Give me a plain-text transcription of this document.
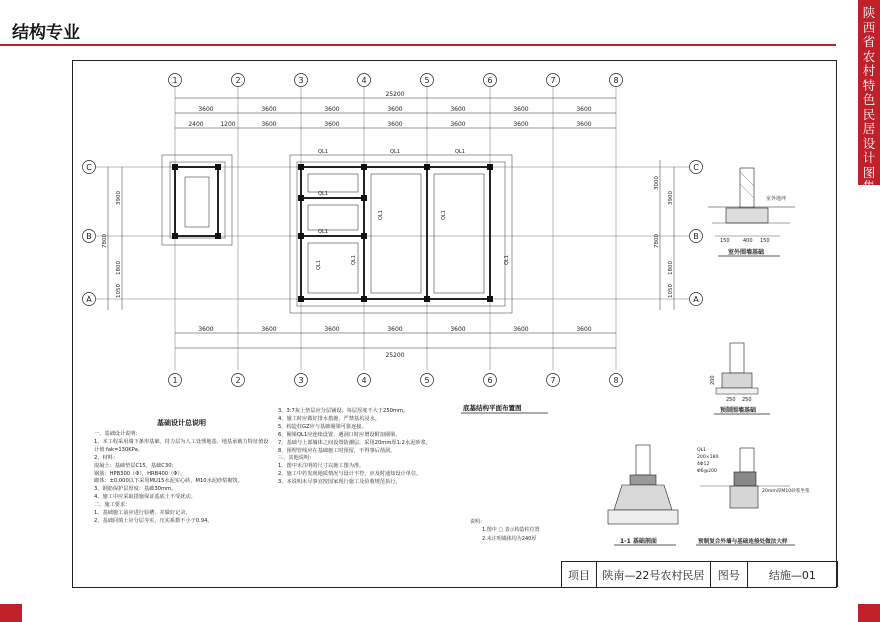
结构专业
陕西省农村特色民居设计图集
1	2	3	4	5	6	7	8
1	2	3	4	5	6	7	8
C
B
A
C
B
A
25200
3600	3600	3600	3600	3600	3600	3600
2400	1200	3600	3600	3600	3600	3600	3600
3600	3600	3600	3600	3600	3600	3600
25200
3900
1800
1050
7800
3000
3900
1800
1050
7800
QL1	QL1	QL1
QL1
QL1
QL1	QL1
QL1
QL1
QL1
150	400 150
室外地坪
室外围墙基础
200
250 250
预制围墙基础
QL1
200×180
4Φ12
Φ6@200
1-1 基础剖面
20mm厚M10砂浆坐浆
预制复合外墙与基础连接处做法大样
底基结构平面布置图
说明：
1.图中 ▢ 表示构造柱位置
2.未注明墙体均为240厚
基础设计总说明
一、基础设计说明：
1、本工程采用墙下条形基础，持力层为人工处理地基，地基承载力特征值设计值 fak=130KPa。
2、材料：
混凝土：基础垫层C15，基础C30；
钢筋：HPB300（Φ），HRB400（Φ）。
砌体：±0.000以下采用MU15水泥实心砖，M10水泥砂浆砌筑。
3、钢筋保护层厚度：基础30mm。
4、施工中应采取措施保证基底土不受扰动。
二、施工要求：
1、基础施工前应进行验槽，并做好记录。
2、基础回填土应分层夯实，压实系数不小于0.94。
3、3:7灰土垫层应分层铺设，每层厚度不大于250mm。
4、施工时应做好排水措施，严禁基坑浸水。
5、构造柱GZ应与基础圈梁可靠连接。
6、圈梁QL1应连续设置，遇洞口时应增设附加圈梁。
7、基础与上部墙体之间设置防潮层，采用20mm厚1:2水泥砂浆。
8、预埋管线应在基础施工时预留，不得事后凿洞。
三、其他说明：
1、图中未注明的尺寸以施工图为准。
2、施工中若发现地质情况与设计不符，应及时通知设计单位。
3、本说明未尽事宜按国家现行施工及验收规范执行。
项目	陕南—22号农村民居	图号	结施—01
